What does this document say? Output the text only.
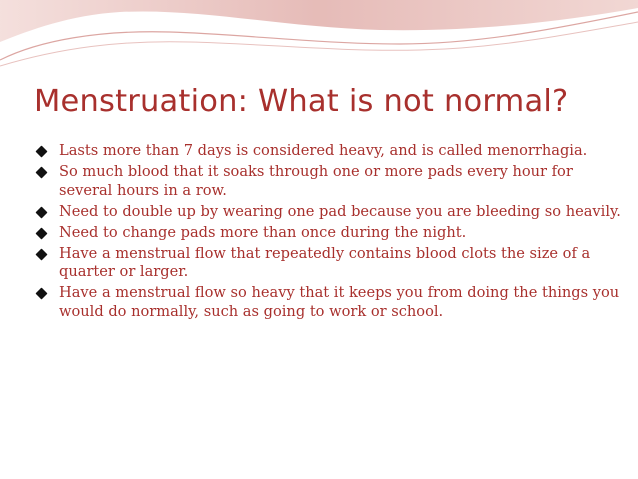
Menstruation: What is not normal?
Lasts more than 7 days is considered heavy, and is called menorrhagia.
So much blood that it soaks through one or more pads every hour for several hours in a row.
Need to double up by wearing one pad because you are bleeding so heavily.
Need to change pads more than once during the night.
Have a menstrual flow that repeatedly contains blood clots the size of a quarter or larger.
Have a menstrual flow so heavy that it keeps you from doing the things you would do normally, such as going to work or school.
